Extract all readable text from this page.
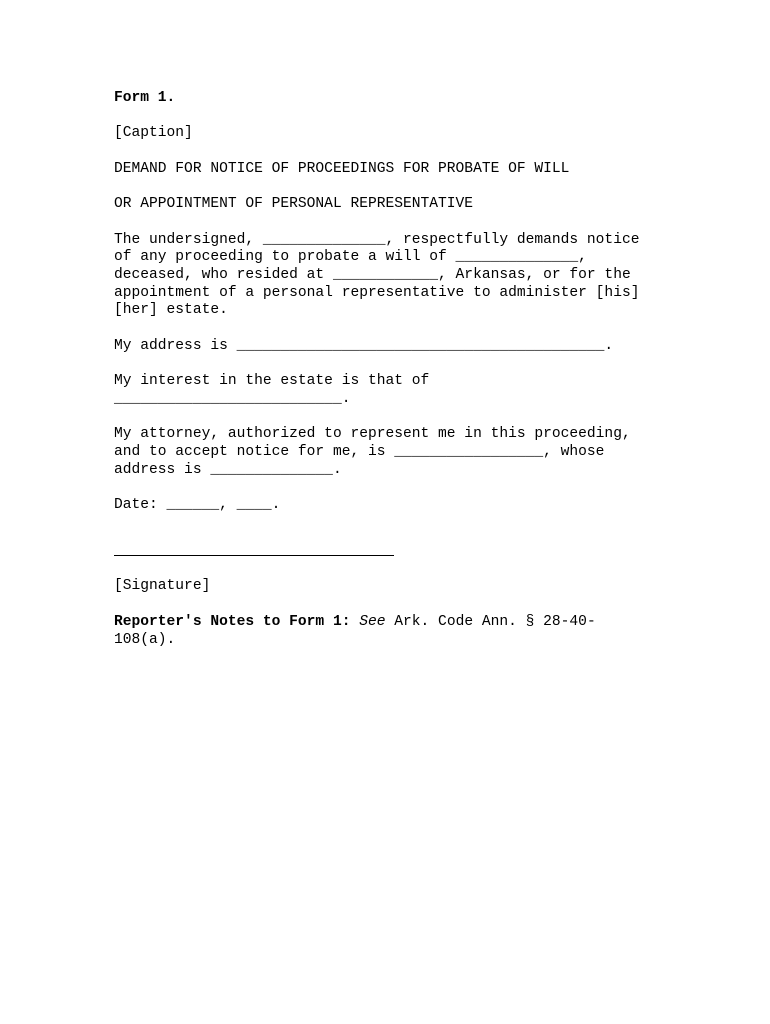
Form 1.

[Caption]

DEMAND FOR NOTICE OF PROCEEDINGS FOR PROBATE OF WILL

OR APPOINTMENT OF PERSONAL REPRESENTATIVE

The undersigned, ______________, respectfully demands notice
of any proceeding to probate a will of ______________,
deceased, who resided at ____________, Arkansas, or for the
appointment of a personal representative to administer [his]
[her] estate.

My address is __________________________________________.

My interest in the estate is that of
__________________________.

My attorney, authorized to represent me in this proceeding,
and to accept notice for me, is _________________, whose
address is ______________.

Date: ______, ____.

[Signature]

Reporter's Notes to Form 1: See Ark. Code Ann. § 28-40-
108(a).
